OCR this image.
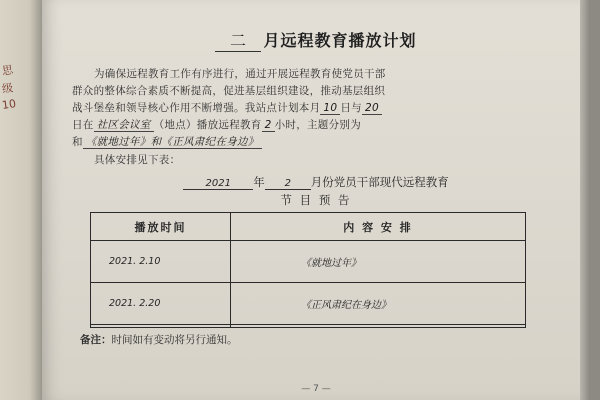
思
级
10
二 月远程教育播放计划
为确保远程教育工作有序进行，通过开展远程教育使党员干部
群众的整体综合素质不断提高，促进基层组织建设，推动基层组织
战斗堡垒和领导核心作用不断增强。我站点计划本月 10 日与 20
日在 社区会议室 （地点）播放远程教育 2 小时，主题分别为
和 《就地过年》和《正风肃纪在身边》
具体安排见下表：
2021 年 2 月份党员干部现代远程教育
节 目 预 告
播放时间	内 容 安 排
2021. 2.10	《就地过年》
2021. 2.20	《正风肃纪在身边》

备注：时间如有变动将另行通知。
— 7 —
